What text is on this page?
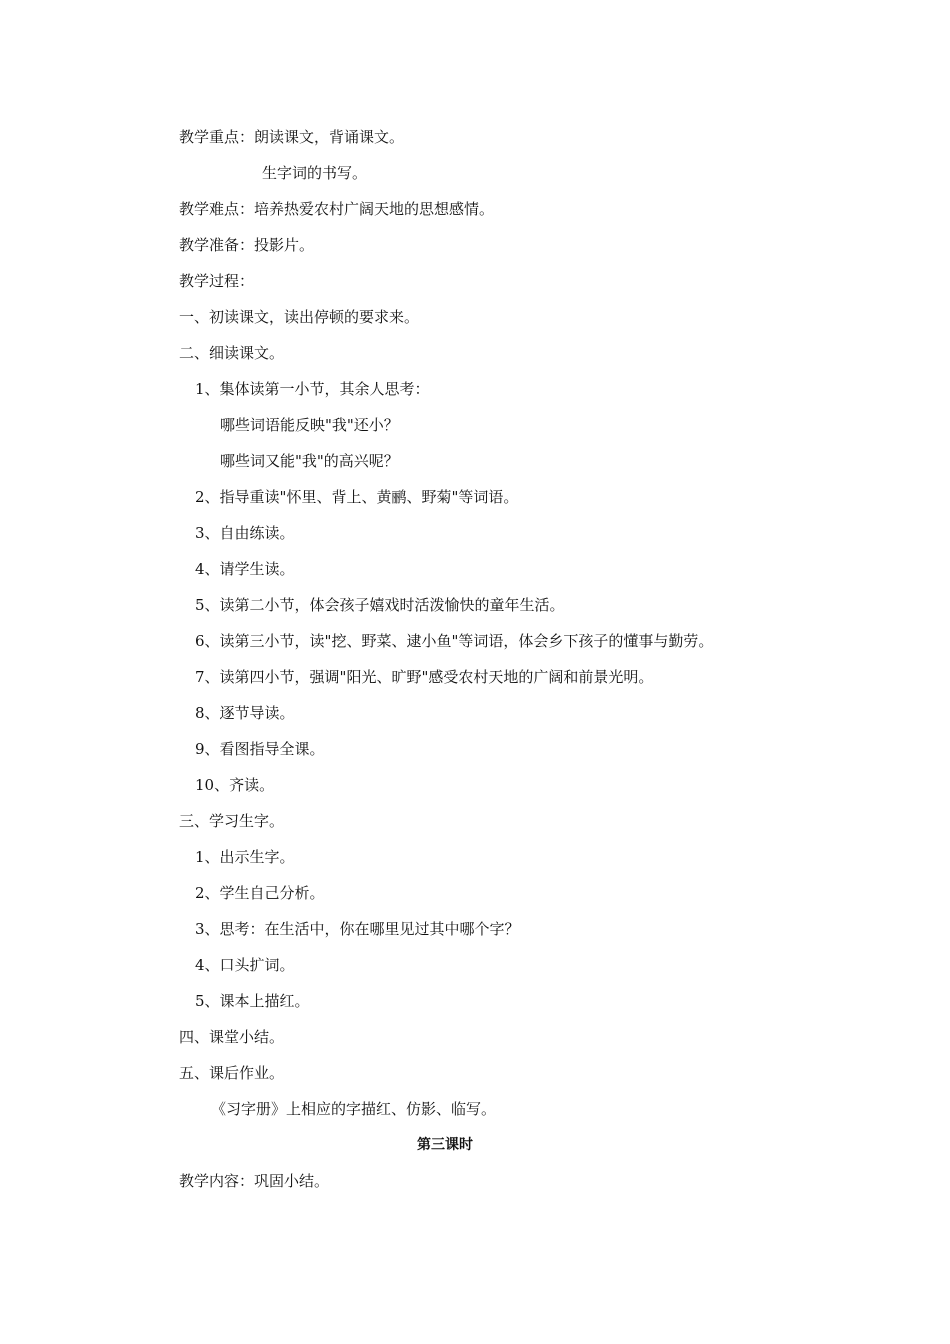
教学重点：朗读课文，背诵课文。
生字词的书写。
教学难点：培养热爱农村广阔天地的思想感情。
教学准备：投影片。
教学过程：
一、初读课文，读出停顿的要求来。
二、细读课文。
1、集体读第一小节，其余人思考：
哪些词语能反映"我"还小？
哪些词又能"我"的高兴呢？
2、指导重读"怀里、背上、黄鹂、野菊"等词语。
3、自由练读。
4、请学生读。
5、读第二小节，体会孩子嬉戏时活泼愉快的童年生活。
6、读第三小节，读"挖、野菜、逮小鱼"等词语，体会乡下孩子的懂事与勤劳。
7、读第四小节，强调"阳光、旷野"感受农村天地的广阔和前景光明。
8、逐节导读。
9、看图指导全课。
10、齐读。
三、学习生字。
1、出示生字。
2、学生自己分析。
3、思考：在生活中，你在哪里见过其中哪个字？
4、口头扩词。
5、课本上描红。
四、课堂小结。
五、课后作业。
《习字册》上相应的字描红、仿影、临写。
第三课时
教学内容：巩固小结。
